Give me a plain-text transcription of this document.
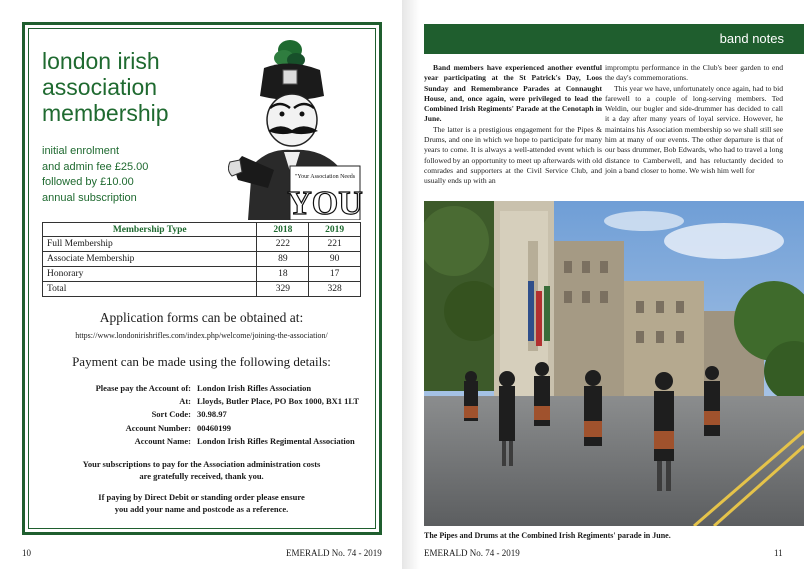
london irish association membership
initial enrolment
and admin fee £25.00
followed by £10.00
annual subscription
"Your Association Needs
YOU
Membership Type	2018	2019
Full Membership	222	221
Associate Membership	89	90
Honorary	18	17
Total	329	328
Application forms can be obtained at:
https://www.londonirishrifles.com/index.php/welcome/joining-the-association/
Payment can be made using the following details:
Please pay the Account of: London Irish Rifles Association
At: Lloyds, Butler Place, PO Box 1000, BX1 1LT
Sort Code: 30.98.97
Account Number: 00460199
Account Name: London Irish Rifles Regimental Association
Your subscriptions to pay for the Association administration costs
are gratefully received, thank you.
If paying by Direct Debit or standing order please ensure
you add your name and postcode as a reference.
10	EMERALD No. 74 - 2019
band notes

Band members have experienced another eventful year participating at the St Patrick's Day, Loos Sunday and Remembrance Parades at Connaught House, and, once again, were privileged to lead the Combined Irish Regiments' Parade at the Cenotaph in June.

The latter is a prestigious engagement for the Pipes & Drums, and one in which we hope to participate for many years to come. It is always a well-attended event which is followed by an opportunity to meet up afterwards with old comrades and supporters at the Civil Service Club, and usually ends up with an

impromptu performance in the Club's beer garden to end the day's commemorations.

This year we have, unfortunately once again, had to bid farewell to a couple of long-serving members. Ted Weldin, our bugler and side-drummer has decided to call it a day after many years of loyal service. However, he maintains his Association membership so we shall still see him at many of our events. The other departure is that of our bass drummer, Bob Edwards, who had to travel a long distance to Camberwell, and has reluctantly decided to join a band closer to home. We wish him well for

The Pipes and Drums at the Combined Irish Regiments' parade in June.
EMERALD No. 74 - 2019	11
